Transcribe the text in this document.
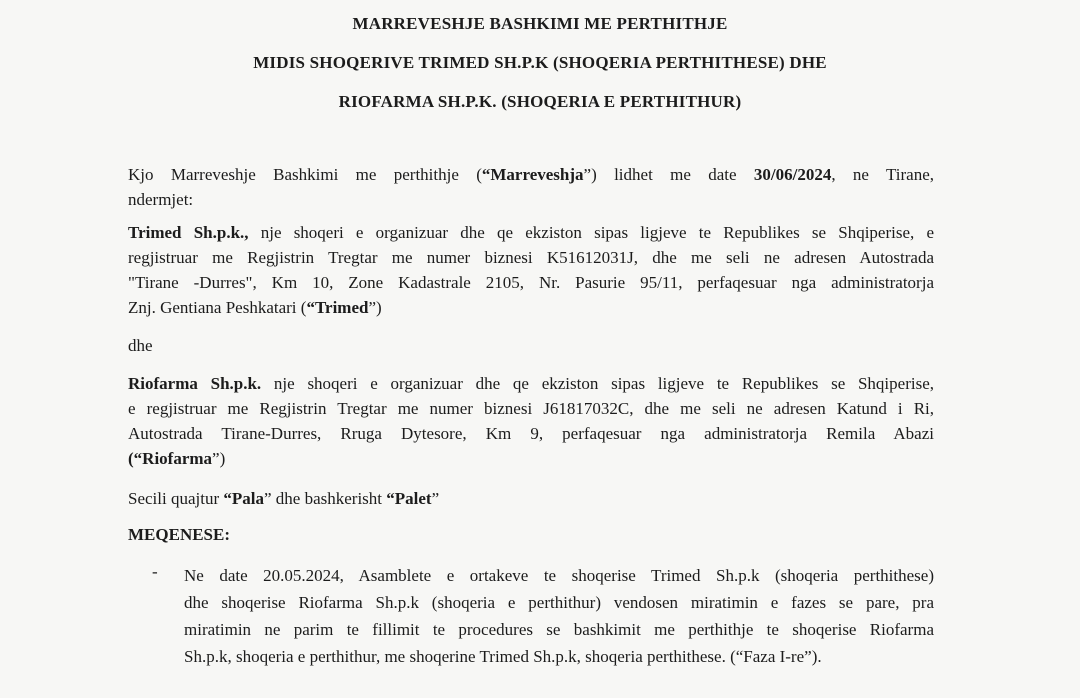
MARREVESHJE BASHKIMI ME PERTHITHJE
MIDIS SHOQERIVE TRIMED SH.P.K (SHOQERIA PERTHITHESE) DHE
RIOFARMA SH.P.K. (SHOQERIA E PERTHITHUR)
Kjo Marreveshje Bashkimi me perthithje (“Marreveshja”) lidhet me date 30/06/2024, ne Tirane,
ndermjet:
Trimed Sh.p.k., nje shoqeri e organizuar dhe qe ekziston sipas ligjeve te Republikes se Shqiperise, e
regjistruar me Regjistrin Tregtar me numer biznesi K51612031J, dhe me seli ne adresen Autostrada
"Tirane -Durres", Km 10, Zone Kadastrale 2105, Nr. Pasurie 95/11, perfaqesuar nga administratorja
Znj. Gentiana Peshkatari (“Trimed”)
dhe
Riofarma Sh.p.k. nje shoqeri e organizuar dhe qe ekziston sipas ligjeve te Republikes se Shqiperise,
e regjistruar me Regjistrin Tregtar me numer biznesi J61817032C, dhe me seli ne adresen Katund i Ri,
Autostrada Tirane-Durres, Rruga Dytesore, Km 9, perfaqesuar nga administratorja Remila Abazi
(“Riofarma”)
Secili quajtur “Pala” dhe bashkerisht “Palet”
MEQENESE:
- Ne date 20.05.2024, Asamblete e ortakeve te shoqerise Trimed Sh.p.k (shoqeria perthithese)
dhe shoqerise Riofarma Sh.p.k (shoqeria e perthithur) vendosen miratimin e fazes se pare, pra
miratimin ne parim te fillimit te procedures se bashkimit me perthithje te shoqerise Riofarma
Sh.p.k, shoqeria e perthithur, me shoqerine Trimed Sh.p.k, shoqeria perthithese. (“Faza I-re”).
